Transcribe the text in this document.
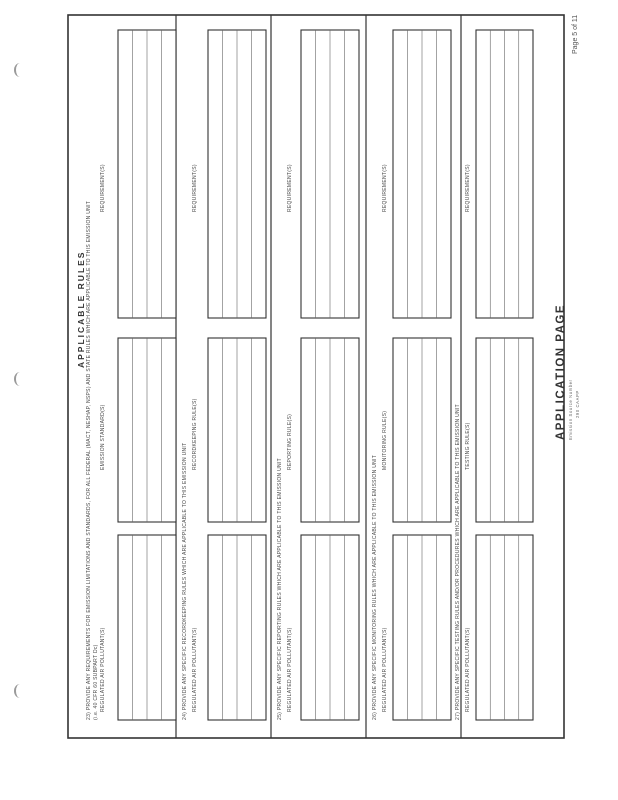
Page 5 of 11
APPLICABLE RULES 23) PROVIDE ANY REQUIREMENTS FOR EMISSION LIMITATIONS AND STANDARDS, FOR ALL FEDERAL (MACT, NESHAP, NSPS) AND STATE RULES WHICH ARE APPLICABLE TO THIS EMISSION UNIT (i.e. 40 CFR 60 SUBPART Dc) REGULATED AIR POLLUTANT(S)
EMISSION STANDARD(S)
REQUIREMENT(S)
24) PROVIDE ANY SPECIFIC RECORDKEEPING RULES WHICH ARE APPLICABLE TO THIS EMISSION UNIT REGULATED AIR POLLUTANT(S)
RECORDKEEPING RULE(S)
REQUIREMENT(S)
25) PROVIDE ANY SPECIFIC REPORTING RULES WHICH ARE APPLICABLE TO THIS EMISSION UNIT REGULATED AIR POLLUTANT(S)
REPORTING RULE(S)
REQUIREMENT(S)
26) PROVIDE ANY SPECIFIC MONITORING RULES WHICH ARE APPLICABLE TO THIS EMISSION UNIT REGULATED AIR POLLUTANT(S)
MONITORING RULE(S)
REQUIREMENT(S)
27) PROVIDE ANY SPECIFIC TESTING RULES AND/OR PROCEDURES WHICH ARE APPLICABLE TO THIS EMISSION UNIT REGULATED AIR POLLUTANT(S)
TESTING RULE(S)
REQUIREMENT(S)
APPLICATION PAGE Emission Source Number 290 CAAPP
